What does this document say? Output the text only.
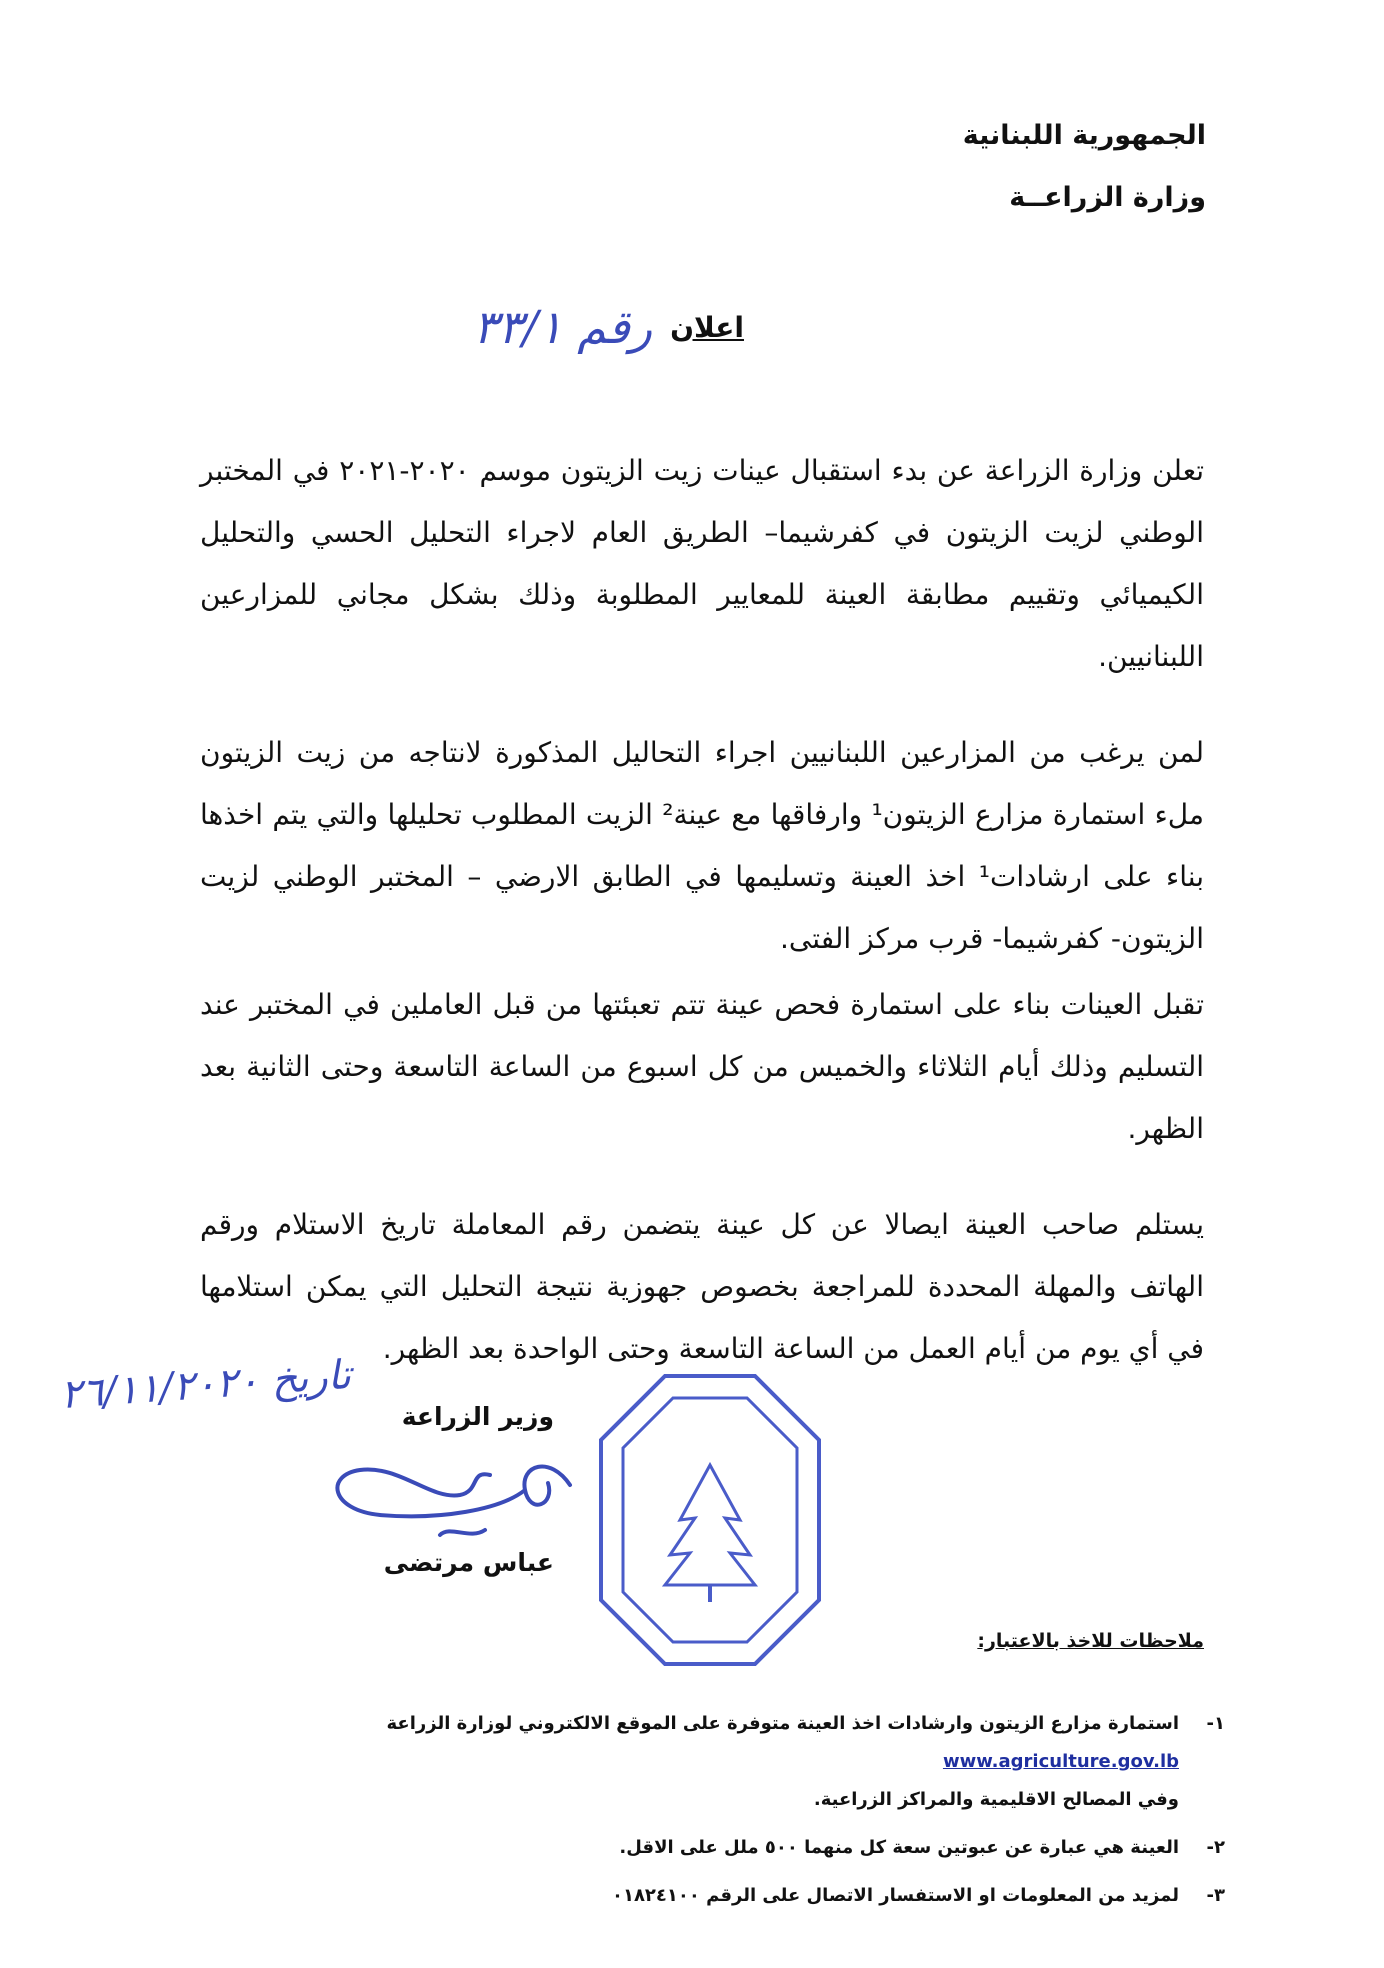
الجمهورية اللبنانية
وزارة الزراعــة
اعلان
رقم ٣٣/١
تعلن وزارة الزراعة عن بدء استقبال عينات زيت الزيتون موسم ٢٠٢٠-٢٠٢١ في المختبر الوطني لزيت الزيتون في كفرشيما– الطريق العام لاجراء التحليل الحسي والتحليل الكيميائي وتقييم مطابقة العينة للمعايير المطلوبة وذلك بشكل مجاني للمزارعين اللبنانيين.
لمن يرغب من المزارعين اللبنانيين اجراء التحاليل المذكورة لانتاجه من زيت الزيتون ملء استمارة مزارع الزيتون¹ وارفاقها مع عينة² الزيت المطلوب تحليلها والتي يتم اخذها بناء على ارشادات¹ اخذ العينة وتسليمها في الطابق الارضي – المختبر الوطني لزيت الزيتون- كفرشيما- قرب مركز الفتى.
تقبل العينات بناء على استمارة فحص عينة تتم تعبئتها من قبل العاملين في المختبر عند التسليم وذلك أيام الثلاثاء والخميس من كل اسبوع من الساعة التاسعة وحتى الثانية بعد الظهر.
يستلم صاحب العينة ايصالا عن كل عينة يتضمن رقم المعاملة تاريخ الاستلام ورقم الهاتف والمهلة المحددة للمراجعة بخصوص جهوزية نتيجة التحليل التي يمكن استلامها في أي يوم من أيام العمل من الساعة التاسعة وحتى الواحدة بعد الظهر.
تاريخ ٢٦/١١/٢٠٢٠
وزير الزراعة
عباس مرتضى
ملاحظات للاخذ بالاعتبار:
١-
استمارة مزارع الزيتون وارشادات اخذ العينة متوفرة على الموقع الالكتروني لوزارة الزراعة www.agriculture.gov.lb
وفي المصالح الاقليمية والمراكز الزراعية.
٢-
العينة هي عبارة عن عبوتين سعة كل منهما ٥٠٠ ملل على الاقل.
٣-
لمزيد من المعلومات او الاستفسار الاتصال على الرقم ٠١٨٢٤١٠٠
